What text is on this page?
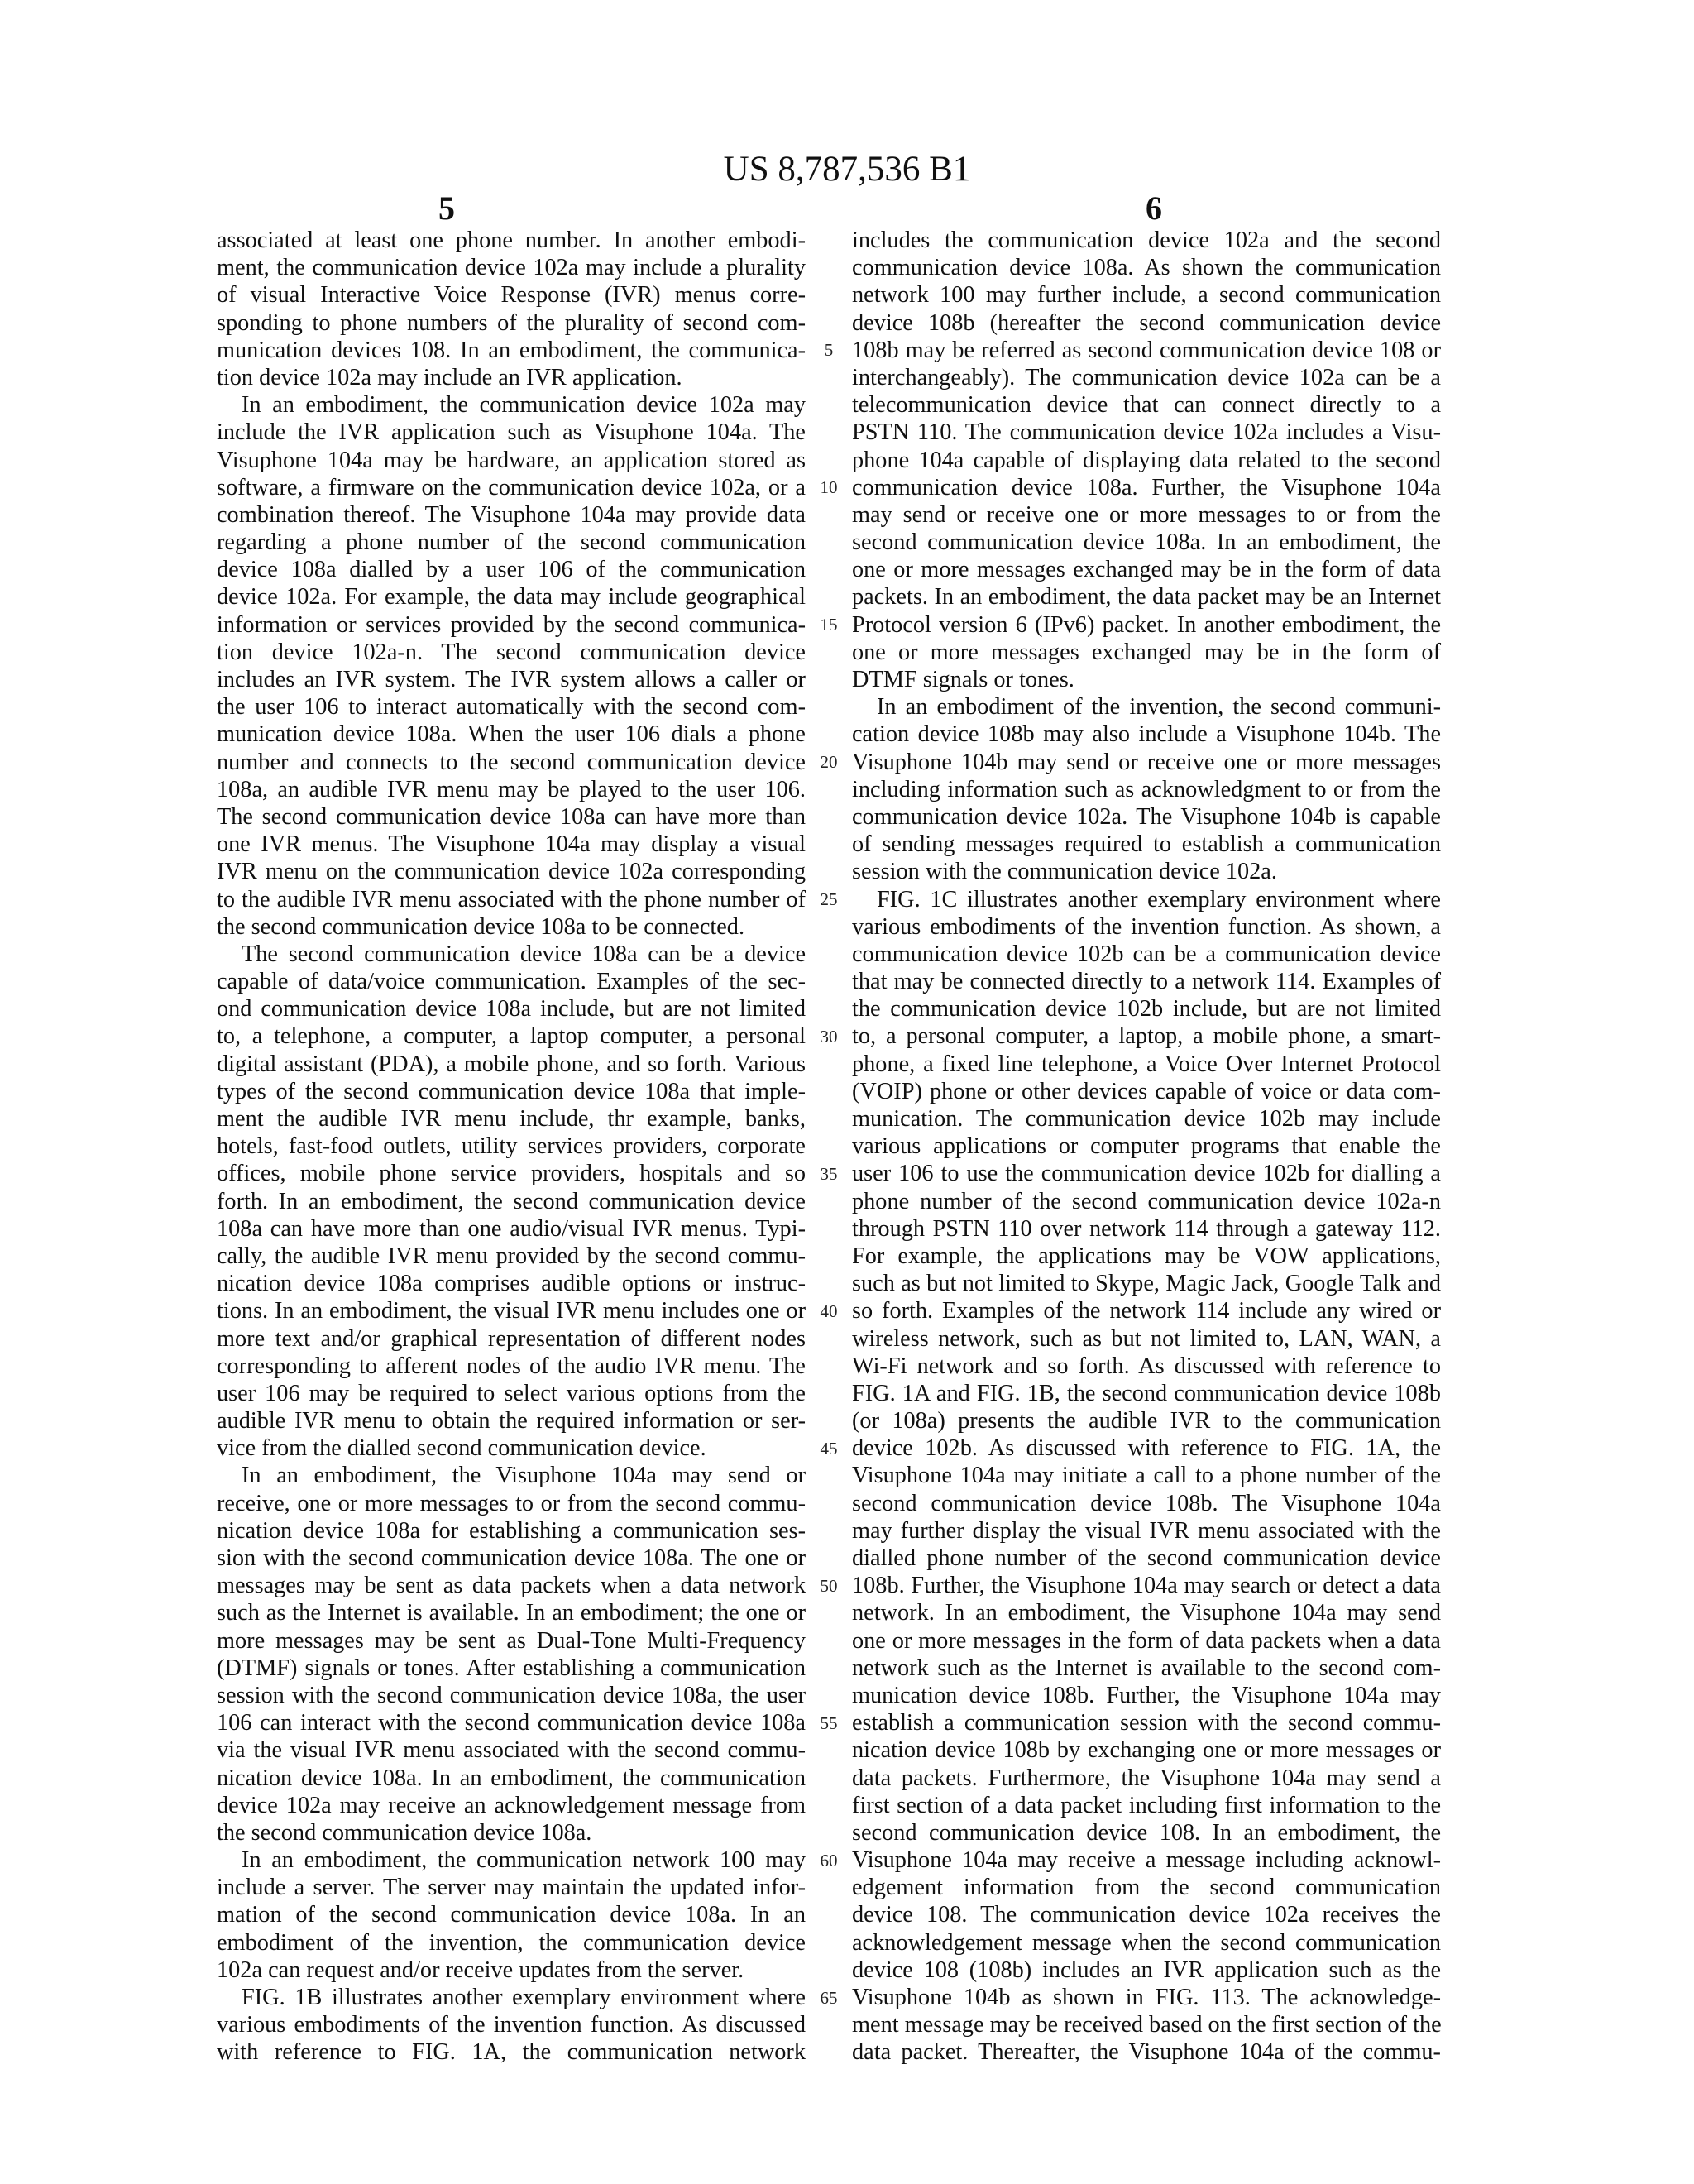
US 8,787,536 B1
5	6
associated at least one phone number. In another embodi-
ment, the communication device 102a may include a plurality
of visual Interactive Voice Response (IVR) menus corre-
sponding to phone numbers of the plurality of second com-
munication devices 108. In an embodiment, the communica-
tion device 102a may include an IVR application.
In an embodiment, the communication device 102a may
include the IVR application such as Visuphone 104a. The
Visuphone 104a may be hardware, an application stored as
software, a firmware on the communication device 102a, or a
combination thereof. The Visuphone 104a may provide data
regarding a phone number of the second communication
device 108a dialled by a user 106 of the communication
device 102a. For example, the data may include geographical
information or services provided by the second communica-
tion device 102a-n. The second communication device
includes an IVR system. The IVR system allows a caller or
the user 106 to interact automatically with the second com-
munication device 108a. When the user 106 dials a phone
number and connects to the second communication device
108a, an audible IVR menu may be played to the user 106.
The second communication device 108a can have more than
one IVR menus. The Visuphone 104a may display a visual
IVR menu on the communication device 102a corresponding
to the audible IVR menu associated with the phone number of
the second communication device 108a to be connected.
The second communication device 108a can be a device
capable of data/voice communication. Examples of the sec-
ond communication device 108a include, but are not limited
to, a telephone, a computer, a laptop computer, a personal
digital assistant (PDA), a mobile phone, and so forth. Various
types of the second communication device 108a that imple-
ment the audible IVR menu include, thr example, banks,
hotels, fast-food outlets, utility services providers, corporate
offices, mobile phone service providers, hospitals and so
forth. In an embodiment, the second communication device
108a can have more than one audio/visual IVR menus. Typi-
cally, the audible IVR menu provided by the second commu-
nication device 108a comprises audible options or instruc-
tions. In an embodiment, the visual IVR menu includes one or
more text and/or graphical representation of different nodes
corresponding to afferent nodes of the audio IVR menu. The
user 106 may be required to select various options from the
audible IVR menu to obtain the required information or ser-
vice from the dialled second communication device.
In an embodiment, the Visuphone 104a may send or
receive, one or more messages to or from the second commu-
nication device 108a for establishing a communication ses-
sion with the second communication device 108a. The one or
messages may be sent as data packets when a data network
such as the Internet is available. In an embodiment; the one or
more messages may be sent as Dual-Tone Multi-Frequency
(DTMF) signals or tones. After establishing a communication
session with the second communication device 108a, the user
106 can interact with the second communication device 108a
via the visual IVR menu associated with the second commu-
nication device 108a. In an embodiment, the communication
device 102a may receive an acknowledgement message from
the second communication device 108a.
In an embodiment, the communication network 100 may
include a server. The server may maintain the updated infor-
mation of the second communication device 108a. In an
embodiment of the invention, the communication device
102a can request and/or receive updates from the server.
FIG. 1B illustrates another exemplary environment where
various embodiments of the invention function. As discussed
with reference to FIG. 1A, the communication network
5
10
15
20
25
30
35
40
45
50
55
60
65
includes the communication device 102a and the second
communication device 108a. As shown the communication
network 100 may further include, a second communication
device 108b (hereafter the second communication device
108b may be referred as second communication device 108 or
interchangeably). The communication device 102a can be a
telecommunication device that can connect directly to a
PSTN 110. The communication device 102a includes a Visu-
phone 104a capable of displaying data related to the second
communication device 108a. Further, the Visuphone 104a
may send or receive one or more messages to or from the
second communication device 108a. In an embodiment, the
one or more messages exchanged may be in the form of data
packets. In an embodiment, the data packet may be an Internet
Protocol version 6 (IPv6) packet. In another embodiment, the
one or more messages exchanged may be in the form of
DTMF signals or tones.
In an embodiment of the invention, the second communi-
cation device 108b may also include a Visuphone 104b. The
Visuphone 104b may send or receive one or more messages
including information such as acknowledgment to or from the
communication device 102a. The Visuphone 104b is capable
of sending messages required to establish a communication
session with the communication device 102a.
FIG. 1C illustrates another exemplary environment where
various embodiments of the invention function. As shown, a
communication device 102b can be a communication device
that may be connected directly to a network 114. Examples of
the communication device 102b include, but are not limited
to, a personal computer, a laptop, a mobile phone, a smart-
phone, a fixed line telephone, a Voice Over Internet Protocol
(VOIP) phone or other devices capable of voice or data com-
munication. The communication device 102b may include
various applications or computer programs that enable the
user 106 to use the communication device 102b for dialling a
phone number of the second communication device 102a-n
through PSTN 110 over network 114 through a gateway 112.
For example, the applications may be VOW applications,
such as but not limited to Skype, Magic Jack, Google Talk and
so forth. Examples of the network 114 include any wired or
wireless network, such as but not limited to, LAN, WAN, a
Wi-Fi network and so forth. As discussed with reference to
FIG. 1A and FIG. 1B, the second communication device 108b
(or 108a) presents the audible IVR to the communication
device 102b. As discussed with reference to FIG. 1A, the
Visuphone 104a may initiate a call to a phone number of the
second communication device 108b. The Visuphone 104a
may further display the visual IVR menu associated with the
dialled phone number of the second communication device
108b. Further, the Visuphone 104a may search or detect a data
network. In an embodiment, the Visuphone 104a may send
one or more messages in the form of data packets when a data
network such as the Internet is available to the second com-
munication device 108b. Further, the Visuphone 104a may
establish a communication session with the second commu-
nication device 108b by exchanging one or more messages or
data packets. Furthermore, the Visuphone 104a may send a
first section of a data packet including first information to the
second communication device 108. In an embodiment, the
Visuphone 104a may receive a message including acknowl-
edgement information from the second communication
device 108. The communication device 102a receives the
acknowledgement message when the second communication
device 108 (108b) includes an IVR application such as the
Visuphone 104b as shown in FIG. 113. The acknowledge-
ment message may be received based on the first section of the
data packet. Thereafter, the Visuphone 104a of the commu-
